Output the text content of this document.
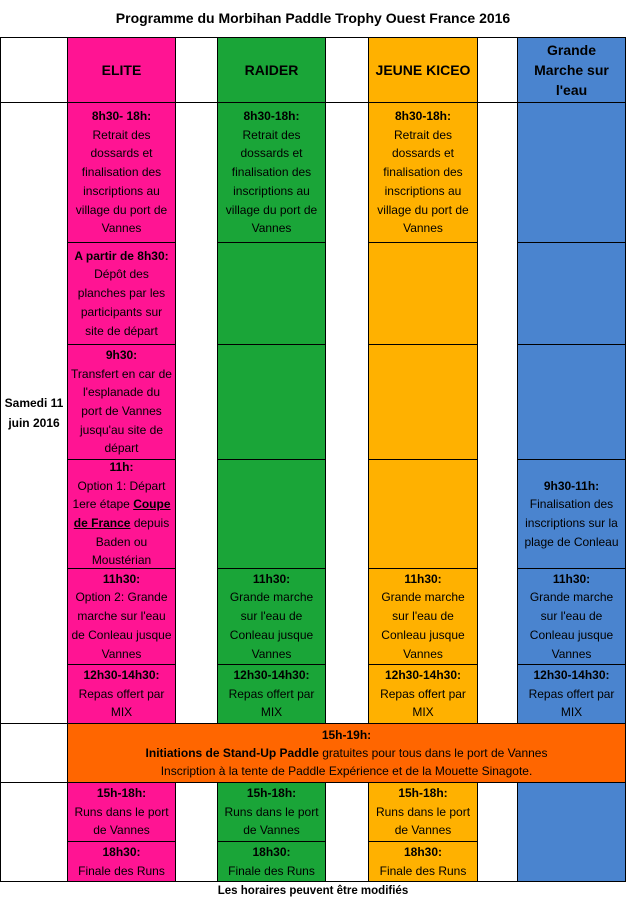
Programme du Morbihan Paddle Trophy Ouest France 2016
ELITE	RAIDER	JEUNE KICEO
Grande Marche sur l'eau
Samedi 11 juin 2016
8h30- 18h:
Retrait des dossards et finalisation des inscriptions au village du port de Vannes
8h30-18h:
Retrait des dossards et finalisation des inscriptions au village du port de Vannes
8h30-18h:
Retrait des dossards et finalisation des inscriptions au village du port de Vannes
A partir de 8h30:
Dépôt des planches par les participants sur site de départ
9h30:
Transfert en car de l'esplanade du port de Vannes jusqu'au site de départ
11h:
Option 1: Départ 1ere étape Coupe de France depuis Baden ou Moustérian
9h30-11h:
Finalisation des inscriptions sur la plage de Conleau
11h30:
Option 2: Grande marche sur l'eau de Conleau jusque Vannes
11h30:
Grande marche sur l'eau de Conleau jusque Vannes
11h30:
Grande marche sur l'eau de Conleau jusque Vannes
11h30:
Grande marche sur l'eau de Conleau jusque Vannes
12h30-14h30:
Repas offert par MIX
12h30-14h30:
Repas offert par MIX
12h30-14h30:
Repas offert par MIX
12h30-14h30:
Repas offert par MIX
15h-19h:
Initiations de Stand-Up Paddle gratuites pour tous dans le port de Vannes
Inscription à la tente de Paddle Expérience et de la Mouette Sinagote.
15h-18h:
Runs dans le port de Vannes
15h-18h:
Runs dans le port de Vannes
15h-18h:
Runs dans le port de Vannes
18h30:
Finale des Runs
18h30:
Finale des Runs
18h30:
Finale des Runs
Les horaires peuvent être modifiés
